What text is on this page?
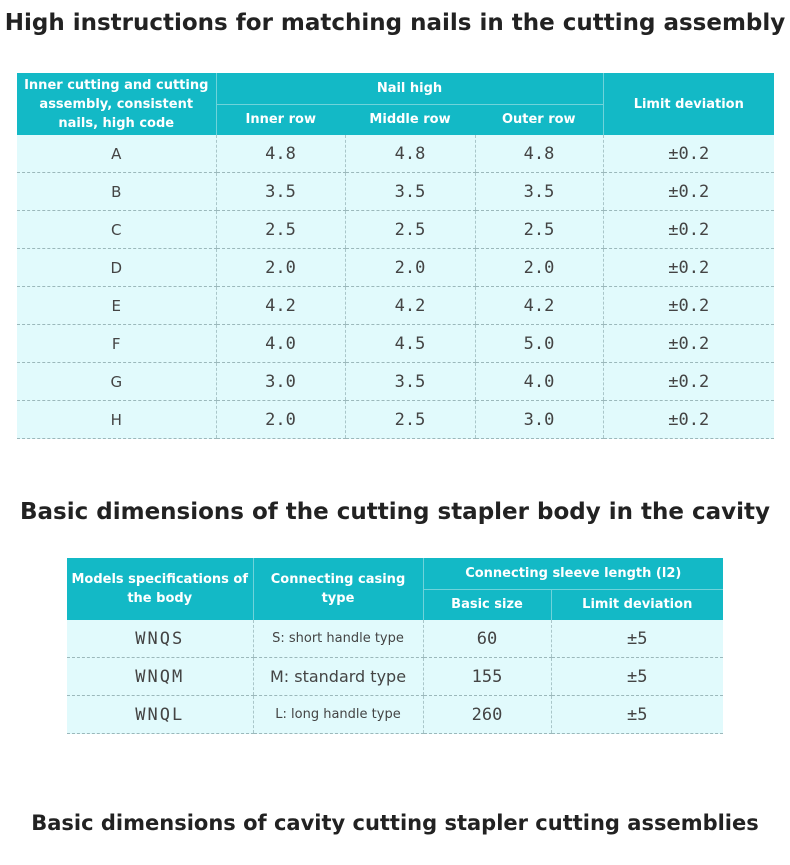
High instructions for matching nails in the cutting assembly
Inner cutting and cutting assembly, consistent nails, high code	Nail high			Limit deviation
	Inner row	Middle row	Outer row	
A	4.8	4.8	4.8	±0.2
B	3.5	3.5	3.5	±0.2
C	2.5	2.5	2.5	±0.2
D	2.0	2.0	2.0	±0.2
E	4.2	4.2	4.2	±0.2
F	4.0	4.5	5.0	±0.2
G	3.0	3.5	4.0	±0.2
H	2.0	2.5	3.0	±0.2
Basic dimensions of the cutting stapler body in the cavity
Models specifications of the body	Connecting casing type	Connecting sleeve length (l2)	
		Basic size	Limit deviation
WNQS	S: short handle type	60	±5
WNQM	M: standard type	155	±5
WNQL	L: long handle type	260	±5
Basic dimensions of cavity cutting stapler cutting assemblies
